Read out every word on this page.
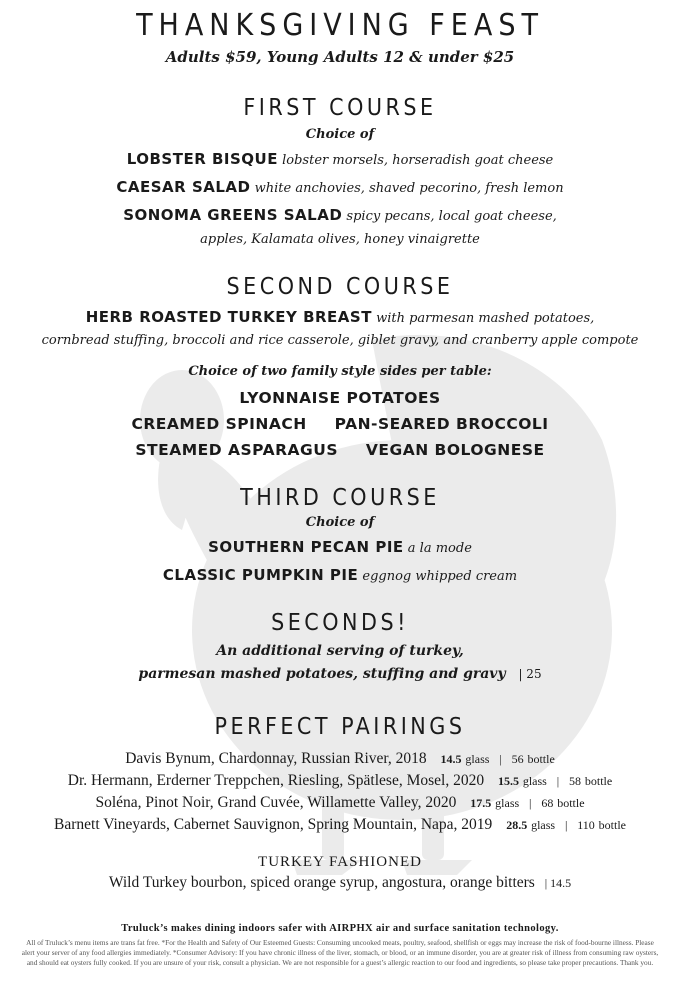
THANKSGIVING FEAST
Adults $59, Young Adults 12 & under $25
FIRST COURSE
Choice of
LOBSTER BISQUE lobster morsels, horseradish goat cheese
CAESAR SALAD white anchovies, shaved pecorino, fresh lemon
SONOMA GREENS SALAD spicy pecans, local goat cheese,
apples, Kalamata olives, honey vinaigrette
SECOND COURSE
HERB ROASTED TURKEY BREAST with parmesan mashed potatoes,
cornbread stuffing, broccoli and rice casserole, giblet gravy, and cranberry apple compote
Choice of two family style sides per table:
LYONNAISE POTATOES
CREAMED SPINACH PAN-SEARED BROCCOLI
STEAMED ASPARAGUS VEGAN BOLOGNESE
THIRD COURSE
Choice of
SOUTHERN PECAN PIE a la mode
CLASSIC PUMPKIN PIE eggnog whipped cream
SECONDS!
An additional serving of turkey,
parmesan mashed potatoes, stuffing and gravy | 25
PERFECT PAIRINGS
Davis Bynum, Chardonnay, Russian River, 2018 14.5 glass | 56 bottle
Dr. Hermann, Erderner Treppchen, Riesling, Spätlese, Mosel, 2020 15.5 glass | 58 bottle
Soléna, Pinot Noir, Grand Cuvée, Willamette Valley, 2020 17.5 glass | 68 bottle
Barnett Vineyards, Cabernet Sauvignon, Spring Mountain, Napa, 2019 28.5 glass | 110 bottle
TURKEY FASHIONED
Wild Turkey bourbon, spiced orange syrup, angostura, orange bitters | 14.5
Truluck’s makes dining indoors safer with AIRPHX air and surface sanitation technology.
All of Truluck’s menu items are trans fat free. *For the Health and Safety of Our Esteemed Guests: Consuming uncooked meats, poultry, seafood, shellfish or eggs may increase the risk of food-bourne illness. Please alert your server of any food allergies immediately. *Consumer Advisory: If you have chronic illness of the liver, stomach, or blood, or an immune disorder, you are at greater risk of illness from consuming raw oysters, and should eat oysters fully cooked. If you are unsure of your risk, consult a physician. We are not responsible for a guest’s allergic reaction to our food and ingredients, so please take proper precautions. Thank you.
